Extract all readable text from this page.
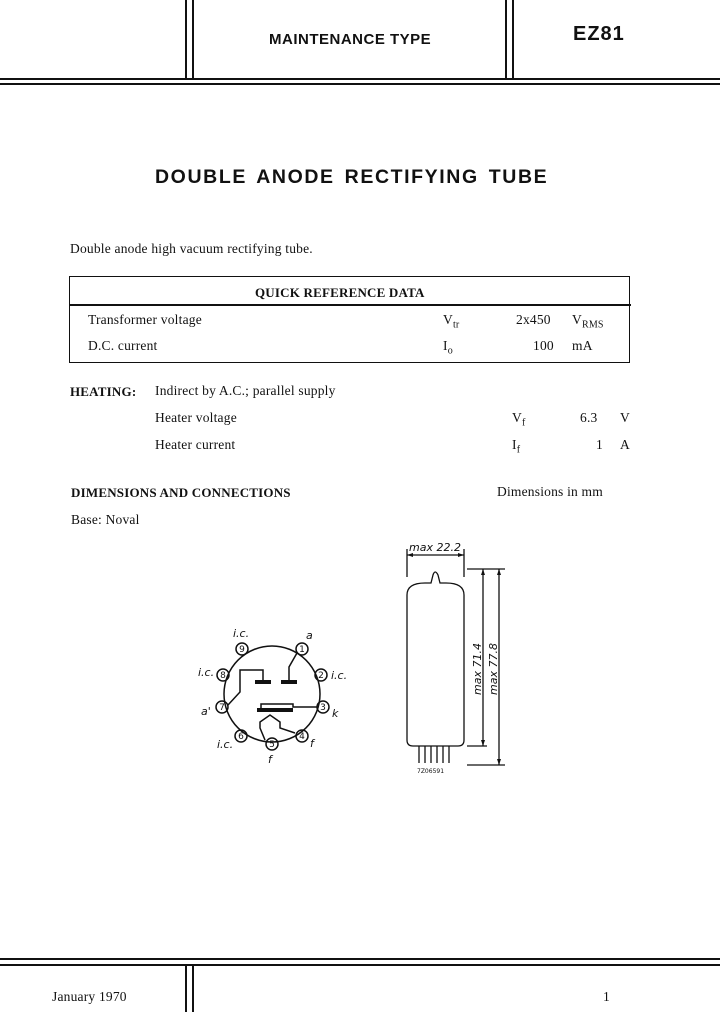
MAINTENANCE TYPE	EZ81
DOUBLE ANODE RECTIFYING TUBE
Double anode high vacuum rectifying tube.
QUICK REFERENCE DATA
Transformer voltage	$V_{tr}$	2x450 $V_{RMS}$
D.C. current	$I_o$	100 mA
HEATING: Indirect by A.C.; parallel supply
Heater voltage	$V_f$	6.3 V
Heater current	$I_f$	1 A
DIMENSIONS AND CONNECTIONS	Dimensions in mm
Base: Noval
1
2
3
4
5
6
7
8
9
a
i.c.
k
f
f
i.c.
a'
i.c.
i.c.
max 22.2
max 71.4 max 77.8
7Z06591
January 1970	1
